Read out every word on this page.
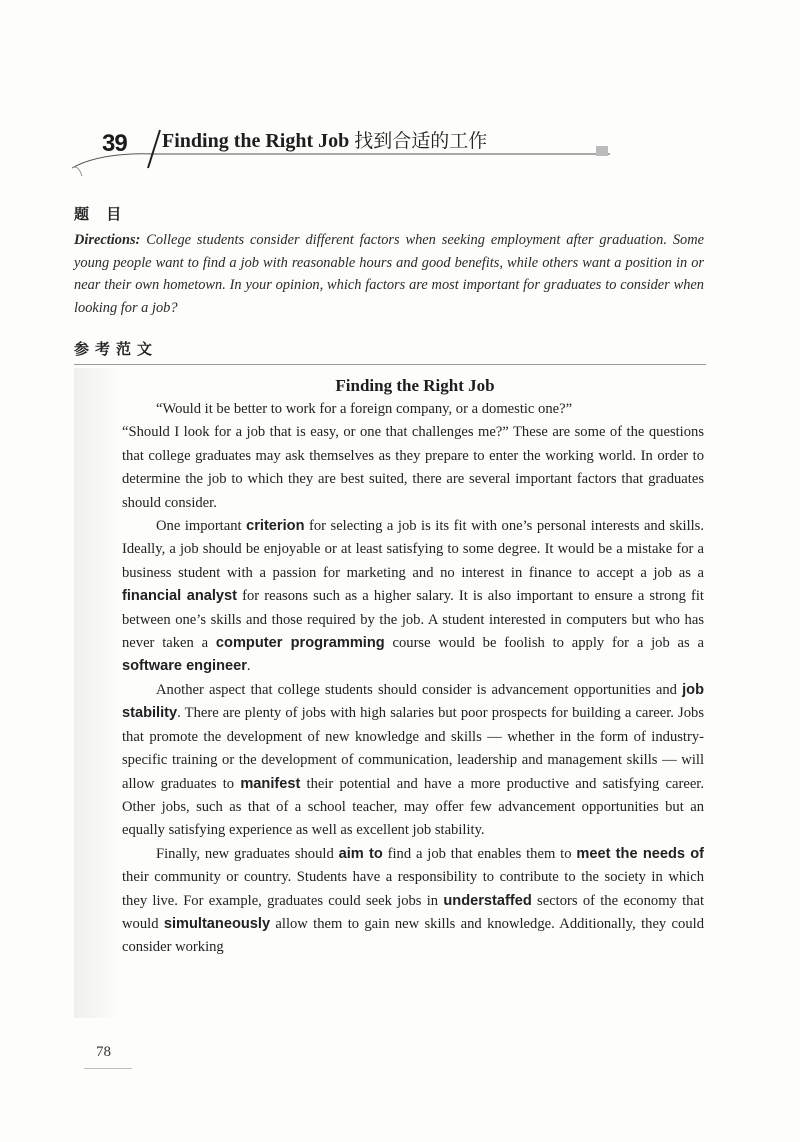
39 Finding the Right Job 找到合适的工作
题 目
Directions: College students consider different factors when seeking employment after graduation. Some young people want to find a job with reasonable hours and good benefits, while others want a position in or near their own hometown. In your opinion, which factors are most important for graduates to consider when looking for a job?
参考范文
Finding the Right Job

“Would it be better to work for a foreign company, or a domestic one?”

“Should I look for a job that is easy, or one that challenges me?” These are some of the questions that college graduates may ask themselves as they prepare to enter the working world. In order to determine the job to which they are best suited, there are several important factors that graduates should consider.

One important criterion for selecting a job is its fit with one’s personal interests and skills. Ideally, a job should be enjoyable or at least satisfying to some degree. It would be a mistake for a business student with a passion for marketing and no interest in finance to accept a job as a financial analyst for reasons such as a higher salary. It is also important to ensure a strong fit between one’s skills and those required by the job. A student interested in computers but who has never taken a computer programming course would be foolish to apply for a job as a software engineer.

Another aspect that college students should consider is advancement opportunities and job stability. There are plenty of jobs with high salaries but poor prospects for building a career. Jobs that promote the development of new knowledge and skills — whether in the form of industry-specific training or the development of communication, leadership and management skills — will allow graduates to manifest their potential and have a more productive and satisfying career. Other jobs, such as that of a school teacher, may offer few advancement opportunities but an equally satisfying experience as well as excellent job stability.

Finally, new graduates should aim to find a job that enables them to meet the needs of their community or country. Students have a responsibility to contribute to the society in which they live. For example, graduates could seek jobs in understaffed sectors of the economy that would simultaneously allow them to gain new skills and knowledge. Additionally, they could consider working

78
